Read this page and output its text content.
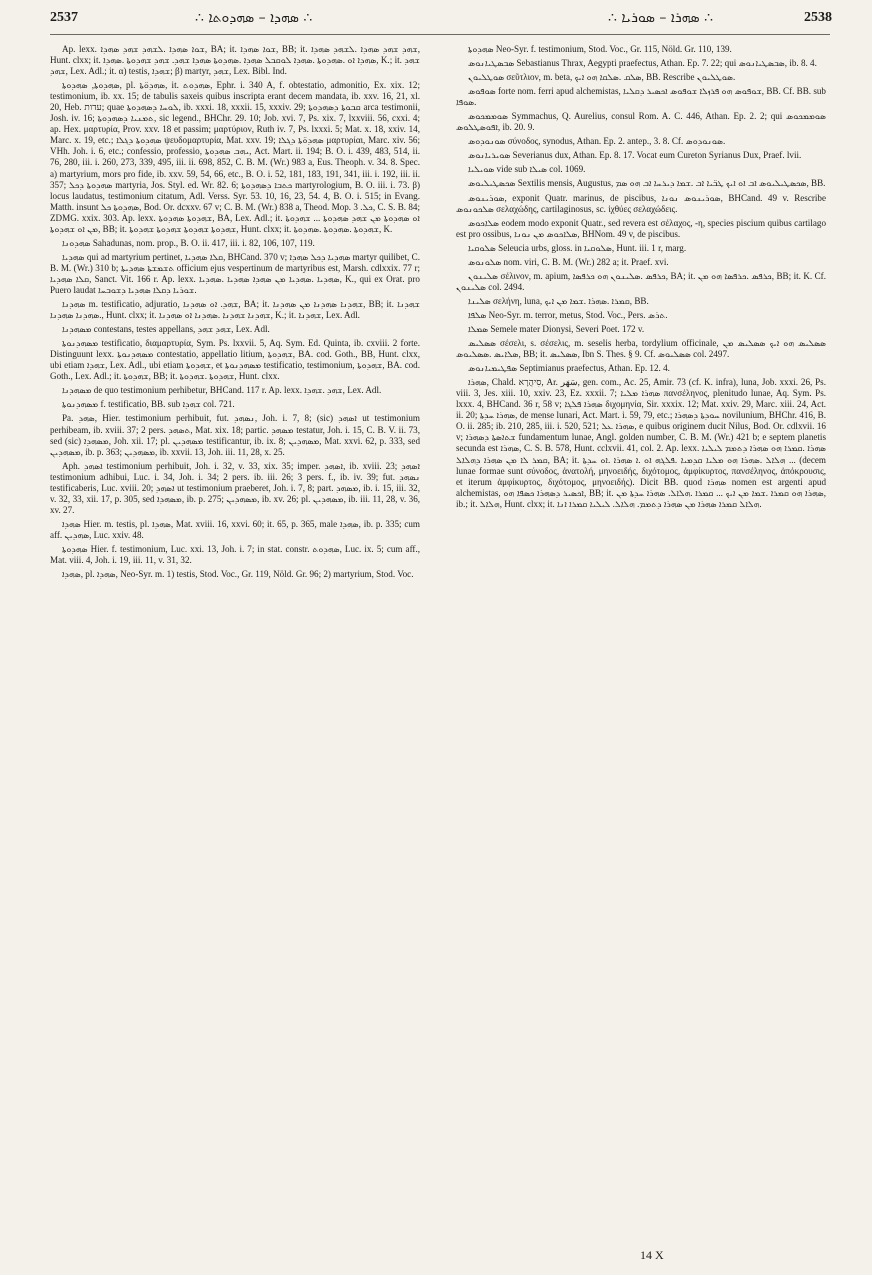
2537	∴ ܣܗܕܐ – ܣܗܕܘܬܐ ∴	∴ ܣܗܪܐ – ܣܘܪܝܐ ∴	2538

Ap. lexx. ܫܘܐ ܣܗܕܐ .ܠܫܗܕ ܫܗܕ ܣܗܕܐ, BA; it. ܫܘܐ ܣܗܕܐ, BB; it. ܫܗܕ ܫܗܕ ܣܗܕܐ .ܠܫܗܕ ܣܗܕܐ, Hunt. clxx; it. ܣܗܕܐ ܐܘ .ܣܗܕܘܬܐ .ܣܗܕܐ ܠܘܩܒܠ ܣܗܕܐ .ܣܗܕܘܬܐ ܣܗܕܐ ܫܗܕ. ܫܗܕ ܫܗܕܘܬܐ .ܣܗܕܐ, K.; it. ܫܗܕ ܫܗܕ, Lex. Adl.; it. α) testis, ܫܗܕܐ; β) martyr, ܫܗܕ, Lex. Bibl. Ind.

ܣܗܕܘܬܐ, ܣܗܕܘܬܐ, pl. ܣܗܕܘ̈ܬܐ, it. ܣܗܕܘܬ, Ephr. i. 340 A, f. obtestatio, admonitio, Ex. xix. 12; testimonium, ib. xx. 15; de tabulis saxeis quibus inscripta erant decem mandata, ib. xxv. 16, 21, xl. 20, Heb. עדות; quae ܠܘܚܐ ܕܣܗܕܘܬܐ, ib. xxxi. 18, xxxii. 15, xxxiv. 29; ܩܒܘܬܐ ܕܣܗܕܘܬܐ arca testimonii, Josh. iv. 16; ܬܡܢܝܐ ܕܣܗܕܘܬܐ, sic legend., BHChr. 29. 10; Job. xvi. 7, Ps. xix. 7, lxxviii. 56, cxxi. 4; ap. Hex. μαρτυρία, Prov. xxv. 18 et passim; μαρτύριον, Ruth iv. 7, Ps. lxxxi. 5; Mat. x. 18, xxiv. 14, Marc. x. 19, etc.; ܣܗܕܘܬܐ ܕܓܠܐ ψευδομαρτυρία, Mat. xxv. 19; ܣܗܕܘ̈ܬܐ ܕܓܠܐ μαρτυρίαι, Marc. xiv. 56; VHh. Joh. i. 6, etc.; confessio, professio, ܝܗܒ ܣܗܕܘܬܐ, Act. Mart. ii. 194; B. O. i. 439, 483, 514, ii. 76, 280, iii. i. 260, 273, 339, 495, iii. ii. 698, 852, C. B. M. (Wr.) 983 a, Eus. Theoph. v. 34. 8. Spec. a) martyrium, mors pro fide, ib. xxv. 59, 54, 66, etc., B. O. i. 52, 181, 183, 191, 341, iii. i. 192, iii. ii. 357; ܣܗܕܘܬܐ ܕܟܠ martyria, Jos. Styl. ed. Wr. 82. 6; ܟܬܒܐ ܕܣܗܕܘܬܐ martyrologium, B. O. iii. i. 73. β) locus laudatus, testimonium citatum, Adl. Verss. Syr. 53. 10, 16, 23, 54. 4, B. O. i. 515; in Evang. Matth. insunt ܣܗܕܘܬܐ ܟܠ, Bod. Or. dcxxv. 67 v; C. B. M. (Wr.) 838 a, Theod. Mop. ܟܠ. 3, C. S. B. 84; ZDMG. xxix. 303. Ap. lexx. ܫܗܕܘܬܐ ܣܗܕܘܬܐ, BA, Lex. Adl.; it. ܐܘ ܣܗܕܘܬܐ ܡܢ ܫܗܕ ܣܗܕܘܬܐ ... ܫܗܕܘܬܐ ܡܢ ܐܘ ܫܗܕܘܬܐ, BB; it. ܫܗܕܘܬܐ ܫܗܕܘܬܐ ܫܗܕܘܬܐ ܫܗܕܘܬܐ, Hunt. clxx; it. ܫܗܕܘܬܐ .ܣܗܕܘܬܐ .ܣܗܕܘܬܐ, K.

ܣܗܕܘܢܐ Sahadunas, nom. prop., B. O. ii. 417, iii. i. 82, 106, 107, 119.

ܣܗܕܝܐ qui ad martyrium pertinet, ܩܠܐ ܣܗܕܝܐ, BHCand. 370 v; ܣܗܕܝܐ ܕܟܠ ܣܗܕܐ martyr quilibet, C. B. M. (Wr.) 310 b; ܬܫܡܫܬܐ ܣܗܕܝܬܐ officium ejus vespertinum de martyribus est, Marsh. cdlxxix. 77 r; ܩܠܐ ܣܗܕܝܐ, Sanct. Vit. 166 r. Ap. lexx. ܣܗܕܝܐ .ܣܗܕܝܐ ܡܢ ܣܗܕܐ ܣܗܕܝܐ .ܣܗܕܝܐ, K., qui ex Orat. pro Puero laudat ܫܘܪܝܐ ܕܩܠܐ ܣܗܕܝܐ ܕܫܘܒܚܐ.

ܣܗܕܢܐ m. testificatio, adjuratio, ܫܗܕ. ܐܘ ܣܗܕܢܐ, BA; it. ܫܗܕܢܐ ܣܗܕܢܐ ܡܢ ܣܗܕܢܐ, BB; it. ܫܗܕܢܐ .ܣܗܕܢܐ ܣܗܕܢܐ, Hunt. clxx; it. ܫܗܕܢܐ ܫܗܕܢܐ .ܣܗܕܢܐ ܐܘ ܣܗܕܢܐ, K.; it. ܫܗܕܢܐ, Lex. Adl.

ܡܣܗܕܢܐ contestans, testes appellans, ܫܗܕ ܫܗܕ, Lex. Adl.

ܡܣܗܕܢܘܬܐ testificatio, διαμαρτυρία, Sym. Ps. lxxvii. 5, Aq. Sym. Ed. Quinta, ib. cxviii. 2 forte. Distinguunt lexx. ܡܣܗܕܢܘܬܐ contestatio, appellatio litium, ܫܗܕܘܬܐ, BA. cod. Goth., BB, Hunt. clxx, ubi etiam ܫܗܕܐ, Lex. Adl., ubi etiam ܫܗܕܘܬܐ, et ܡܣܗܕܢܘܬܐ testificatio, testimonium, ܫܗܕܘܬܐ, BA. cod. Goth., Lex. Adl.; it. ܫܗܕܘܬܐ, BB; it. ܫܗܕܘܬܐ .ܫܗܕܘܬܐ, Hunt. clxx.

ܡܣܗܕܢܐ de quo testimonium perhibetur, BHCand. 117 r. Ap. lexx. ܫܗܕ .ܫܗܕܐ, Lex. Adl.

ܡܣܗܕܢܘܬܐ f. testificatio, BB. sub ܫܗܕܐ col. 721.

Pa. ܣܗܕ, Hier. testimonium perhibuit, fut. ܢܣܗܕ, Joh. i. 7, 8; (sic) ܐܣܗܕ ut testimonium perhibeam, ib. xviii. 37; 2 pers. ܬܣܗܕ, Mat. xix. 18; partic. ܡܣܗܕ testatur, Joh. i. 15, C. B. V. ii. 73, sed (sic) ܡܣܗܕܐ, Joh. xii. 17; pl. ܡܣܗܕܝܢ testificantur, ib. ix. 8; ܡܣܗܕܝܢ, Mat. xxvi. 62, p. 333, sed ܡܣܗܕܝܢ, ib. p. 363; ܡܣܗܕܝܢ, ib. xxvii. 13, Joh. iii. 11, 28, x. 25.

Aph. ܐܣܗܕ testimonium perhibuit, Joh. i. 32, v. 33, xix. 35; imper. ܐܣܗܕ, ib. xviii. 23; ܐܣܗܕ testimonium adhibui, Luc. i. 34, Joh. i. 34; 2 pers. ib. iii. 26; 3 pers. f., ib. iv. 39; fut. ܢܣܗܕ testificaberis, Luc. xviii. 20; ܐܣܗܕ ut testimonium praeberet, Joh. i. 7, 8; part. ܡܣܗܕ, ib. i. 15, iii. 32, v. 32, 33, xii. 17, p. 305, sed ܡܣܗܕܐ, ib. p. 275; ܡܣܗܕܝܢ, ib. xv. 26; pl. ܡܣܗܕܝܢ, ib. iii. 11, 28, v. 36, xv. 27.

ܣܗܕܐ Hier. m. testis, pl. ܣܗܕܐ, Mat. xviii. 16, xxvi. 60; it. 65, p. 365, male ܣܗܕܐ, ib. p. 335; cum aff. ܣܗܕܝܢ, Luc. xxiv. 48.

ܣܗܕܘܬܐ Hier. f. testimonium, Luc. xxi. 13, Joh. i. 7; in stat. constr. ܣܗܕܘܬ, Luc. ix. 5; cum aff., Mat. viii. 4, Joh. i. 19, iii. 11, v. 31, 32.

ܣܗܕܐ, pl. ܣܗܕܐ, Neo-Syr. m. 1) testis, Stod. Voc., Gr. 119, Nöld. Gr. 96; 2) martyrium, Stod. Voc.

ܣܗܕܘܬܐ Neo-Syr. f. testimonium, Stod. Voc., Gr. 115, Nöld. Gr. 110, 139.

ܣܒܣܛܝܐܢܘܣ Sebastianus Thrax, Aegypti praefectus, Athan. Ep. 7. 22; qui ܣܒܣܛܝܐܢܘܣ, ib. 8. 4.

ܣܘܛܠܝܘܢ σεῦτλιον, m. beta, ܣܠܩ .ܣܠܩܐ ܗܘ ܐܝܟ, BB. Rescribe ܣܘܛܠܝܘܢ.

ܣܘܦܘܣ forte nom. ferri apud alchemistas, ܫܘܦܘܣ ܗܘ ܦܪܙܠܐ ܫܘܦܘܣ ܐܟܣܝܪ ܕܩܠܝܐ, BB. Cf. BB. sub ܣܘܦܐ.

ܣܘܡܡܟܘܣ Symmachus, Q. Aurelius, consul Rom. A. C. 446, Athan. Ep. 2. 2; qui ܣܘܡܡܟܘܣ ܐܦܘܣܛܠܘܣ, ib. 20. 9.

ܣܘܢܘܕܘܣ σύνοδος, synodus, Athan. Ep. 2. antep., 3. 8. Cf. ܣܘܢܘܕܘܣ.

ܣܘܝܪܝܐܢܘܣ Severianus dux, Athan. Ep. 8. 17. Vocat eum Cureton Syrianus Dux, Praef. lvii.

ܣܘܝܠܝܐ vide sub ܣܝܠܐ col. 1069.

ܣܟܣܛܝܠܝܘܣ Sextilis mensis, Augustus, ܣܟܣܛܝܠܝܘܣ ܐܒ ܐܘ ܐܝܟ ܛܒ̈ܝܐ ܐܒ .ܫܡܐ ܕܝܪܚܐ ܐܒ ܗܘ ܣܡ, BB.

ܣܘܪܝܢܘܣ, exponit Quatr. marinus, de piscibus, ܣܘܪܝܢܘܣ ܢܘܢܐ, BHCand. 49 v. Rescribe ܣܠܟܘܢܘܣ σελαχώδης, cartilaginosus, sc. ἰχθύες σελαχώδεις.

ܣܠܐܟܘܣ eodem modo exponit Quatr., sed revera est σέλαχος, -η, species piscium quibus cartilago est pro ossibus, ܣܠܐܟܘܣ ܡܢ ܢܘܢܐ, BHNom. 49 v, de piscibus.

ܣܠܘܩܝܐ Seleucia urbs, gloss. in ܣܠܘܩܝܐ, Hunt. iii. 1 r, marg.

ܣܠܘܢܘܣ nom. viri, C. B. M. (Wr.) 282 a; it. Praef. xvi.

ܣܠܝܢܘܢ σέλινον, m. apium, ܟܪܦܣ .ܣܠܝܢܘܢ ܗܘ ܟܪܦܣܐ, BA; it. ܟܪܦܣ .ܟܪܦܣܐ ܗܘ ܡܢ, BB; it. K. Cf. ܣܠܝܢܘܢ col. 2494.

ܣܠܝܢܐ σελήνη, luna, ܩܡܪܐ .ܣܗܪܐ .ܫܡܐ ܡܢ ܐܝܟ, BB.

ܣܠܦܐ Neo-Syr. m. terror, metus, Stod. Voc., Pers. ܬܪܣ.

ܣܡܠܐ Semele mater Dionysi, Severi Poet. 172 v.

ܣܣܠܝܣ σέσελι, s. σέσελις, m. seselis herba, tordylium officinale, ܣܣܠܝܣ ܗܘ ܐܝܟ ܣܣܠܝܣ ܡܢ ܣܠܐܝܣ .ܣܣܠܝܘܣ, BB; it. ܣܣܠܝܣ, Ibn S. Thes. § 9. Cf. ܣܣܠܝܘܣ col. 2497.

ܣܦܛܝܡܝܐܢܘܣ Septimianus praefectus, Athan. Ep. 12. 4.

ܣܗܪܐ, Chald. סִיהֲרָא, Ar. سَهَر, gen. com., Ac. 25, Amir. 73 (cf. K. infra), luna, Job. xxxi. 26, Ps. viii. 3, Jes. xiii. 10, xxiv. 23, Ez. xxxii. 7; ܣܗܪܐ ܡܠܝܐ πανσέληνος, plenitudo lunae, Aq. Sym. Ps. lxxx. 4, BHCand. 36 r, 58 v; ܣܗܪܐ ܦܠܓܐ διχομηνία, Sir. xxxix. 12; Mat. xxiv. 29, Marc. xiii. 24, Act. ii. 20; ܣܗܪܐ ܚܕܬܐ, de mense lunari, Act. Mart. i. 59, 79, etc.; ܚܘܕܬܐ ܕܣܗܪܐ novilunium, BHChr. 416, B. O. ii. 285; ib. 210, 285, iii. i. 520, 521; ܣܗܪܐ ܥܠ, e quibus originem ducit Nilus, Bod. Or. cdlxvii. 16 v; ܫܬܐܣܬܐ ܕܣܗܪܐ fundamentum lunae, Angl. golden number, C. B. M. (Wr.) 421 b; e septem planetis secunda est ܣܗܪܐ, C. S. B. 578, Hunt. cclxvii. 41, col. 2. Ap. lexx. ܣܗܪܐ .ܩܡܪܐ ܗܘ ܣܗܪܐ ܕܬܡܡ ܠܝܠܝܐ ܩܡܪ ܠܐ ܡܢ ܣܗܪܐ ܕܗܠܐܠ, BA; it. ܗܠܐܠ .ܣܗܪܐ ܗܘ ܡܠܝܐ ܩܕܡܝܐ .ܦܠܓܗ ܐܘ .ܐ ܣܗܪܐ .ܐܘ ܚܕܬܐ ... (decem lunae formae sunt σύνοδος, ἀνατολή, μηνοειδής, διχότομος, ἀμφίκυρτος, πανσέληνος, ἀπόκρουσις, et iterum ἀμφίκυρτος, διχότομος, μηνοειδής). Dicit BB. quod ܣܗܪܐ nomen est argenti apud alchemistas, ܐܟܣܝܪ ܕܣܗܪܐ ܟܣܦܐ ܗܘ, BB; it. ܣܗܪܐ ܗܘ ܩܡܪܐ .ܫܡܐ ܡܢ ܐܝܟ ... ܩܡܪܐ .ܗܠܐܠ. ܣܗܪܐ ܚܕܬܐ ܡܢ, ib.; it. ܗܠܐܠ, Hunt. clxx; it. ܗܠܐܠ ܩܡܪܐ ܣܗܪܐ ܡܢ ܣܗܪܐ ܕܬܡܡ. ܗܠܐܠ. ܠܝܠܝܐ ܩܡܪܐ ܐܢܐ.

14 X
